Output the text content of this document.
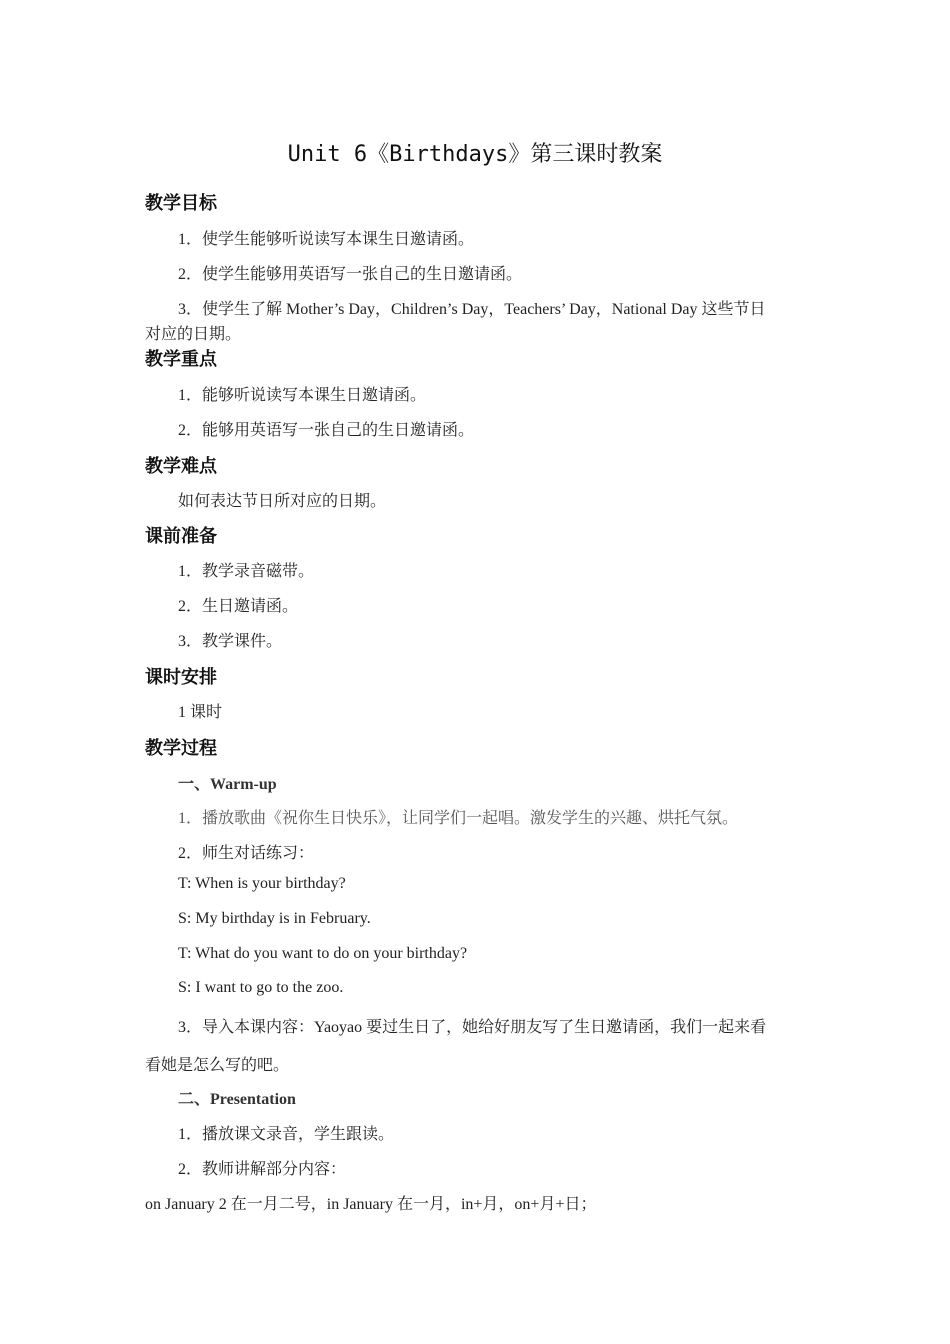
Unit 6《Birthdays》第三课时教案
教学目标
1．使学生能够听说读写本课生日邀请函。
2．使学生能够用英语写一张自己的生日邀请函。
3．使学生了解 Mother’s Day，Children’s Day，Teachers’ Day，National Day 这些节日
对应的日期。
教学重点
1．能够听说读写本课生日邀请函。
2．能够用英语写一张自己的生日邀请函。
教学难点
如何表达节日所对应的日期。
课前准备
1．教学录音磁带。
2．生日邀请函。
3．教学课件。
课时安排
1 课时
教学过程
一、Warm-up
1．播放歌曲《祝你生日快乐》，让同学们一起唱。激发学生的兴趣、烘托气氛。
2．师生对话练习：
T: When is your birthday?
S: My birthday is in February.
T: What do you want to do on your birthday?
S: I want to go to the zoo.
3．导入本课内容：Yaoyao 要过生日了，她给好朋友写了生日邀请函，我们一起来看
看她是怎么写的吧。
二、Presentation
1．播放课文录音，学生跟读。
2．教师讲解部分内容：
on January 2 在一月二号，in January 在一月，in+月，on+月+日；
